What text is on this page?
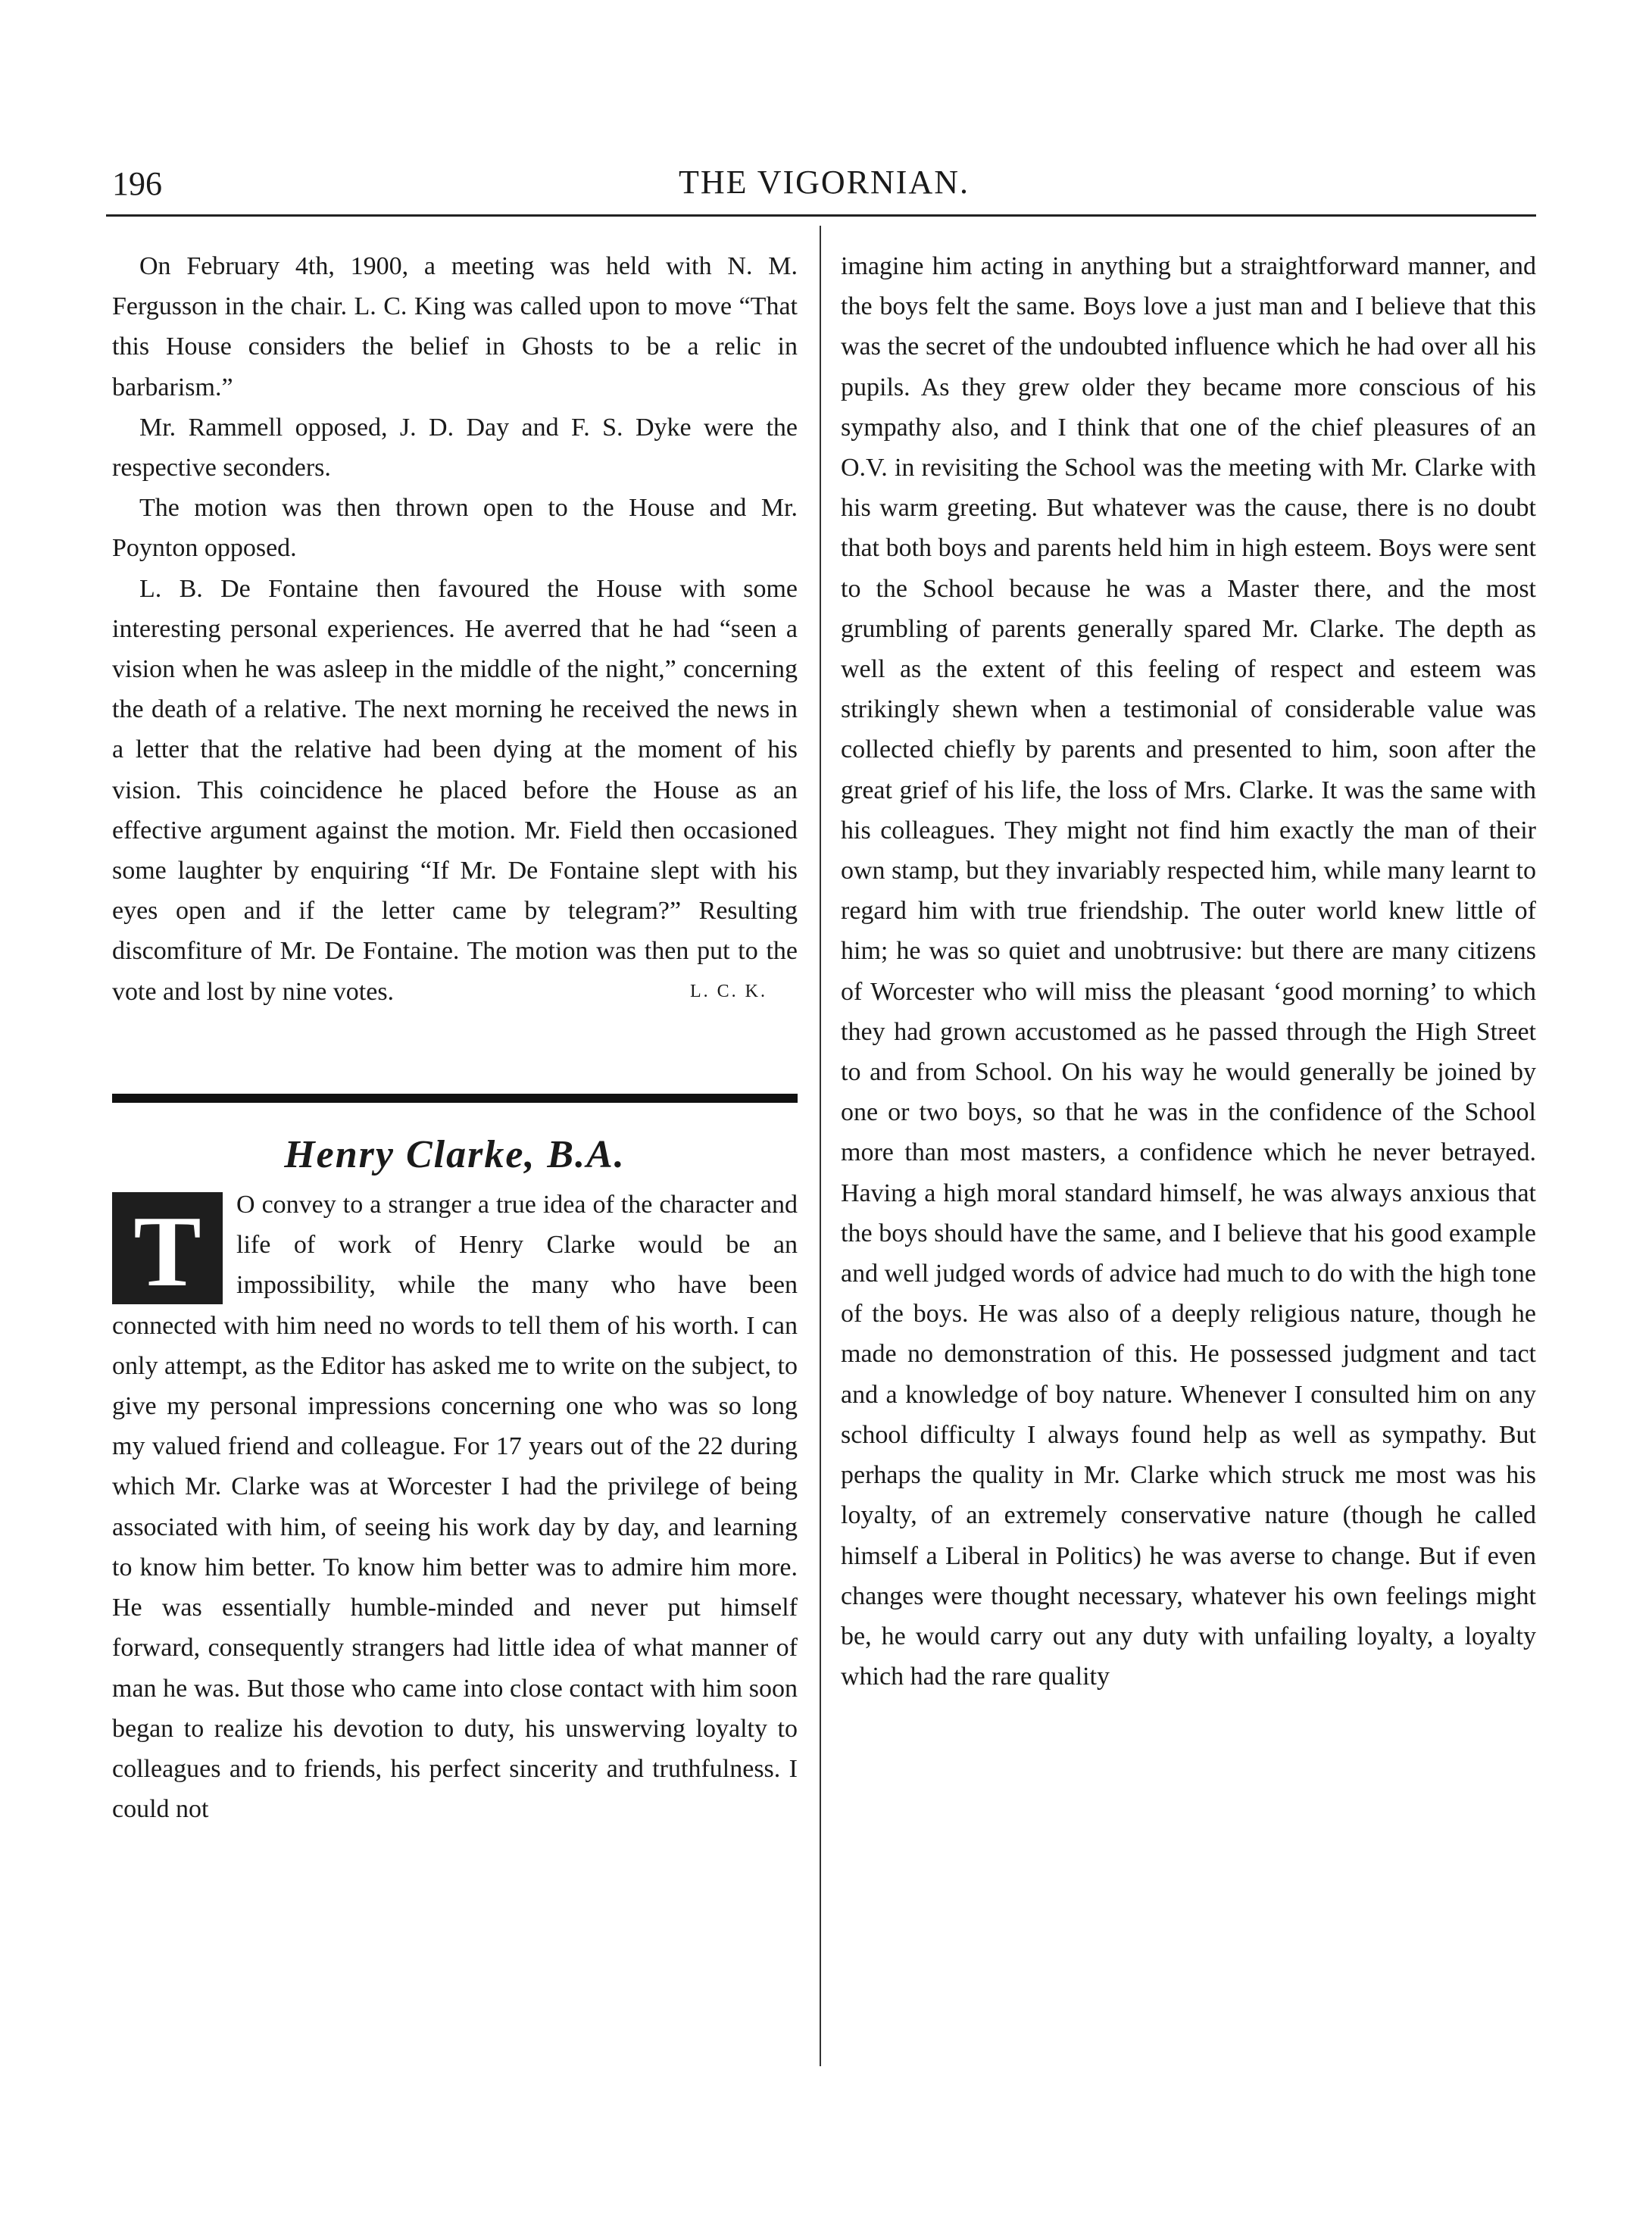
196	THE VIGORNIAN.

On February 4th, 1900, a meeting was held with N. M. Fergusson in the chair. L. C. King was called upon to move “That this House considers the belief in Ghosts to be a relic in barbarism.”

Mr. Rammell opposed, J. D. Day and F. S. Dyke were the respective seconders.

The motion was then thrown open to the House and Mr. Poynton opposed.

L. B. De Fontaine then favoured the House with some interesting personal experiences. He averred that he had “seen a vision when he was asleep in the middle of the night,” concerning the death of a relative. The next morning he received the news in a letter that the relative had been dying at the moment of his vision. This coincidence he placed before the House as an effective argument against the motion. Mr. Field then occasioned some laughter by enquiring “If Mr. De Fontaine slept with his eyes open and if the letter came by telegram?” Resulting discomfiture of Mr. De Fontaine. The motion was then put to the vote and lost by nine votes.	L. C. K.

Henry Clarke, B.A.

T	O convey to a stranger a true idea of the character and life of work of Henry Clarke would be an impossibility, while the many who have been connected with him need no words to tell them of his worth. I can only attempt, as the Editor has asked me to write on the subject, to give my personal impressions concerning one who was so long my valued friend and colleague. For 17 years out of the 22 during which Mr. Clarke was at Worcester I had the privilege of being associated with him, of seeing his work day by day, and learning to know him better. To know him better was to admire him more. He was essentially humble-minded and never put himself forward, consequently strangers had little idea of what manner of man he was. But those who came into close contact with him soon began to realize his devotion to duty, his unswerving loyalty to colleagues and to friends, his perfect sincerity and truthfulness. I could not

imagine him acting in anything but a straightforward manner, and the boys felt the same. Boys love a just man and I believe that this was the secret of the undoubted influence which he had over all his pupils. As they grew older they became more conscious of his sympathy also, and I think that one of the chief pleasures of an O.V. in revisiting the School was the meeting with Mr. Clarke with his warm greeting. But whatever was the cause, there is no doubt that both boys and parents held him in high esteem. Boys were sent to the School because he was a Master there, and the most grumbling of parents generally spared Mr. Clarke. The depth as well as the extent of this feeling of respect and esteem was strikingly shewn when a testimonial of considerable value was collected chiefly by parents and presented to him, soon after the great grief of his life, the loss of Mrs. Clarke. It was the same with his colleagues. They might not find him exactly the man of their own stamp, but they invariably respected him, while many learnt to regard him with true friendship. The outer world knew little of him; he was so quiet and unobtrusive: but there are many citizens of Worcester who will miss the pleasant ‘good morning’ to which they had grown accustomed as he passed through the High Street to and from School. On his way he would generally be joined by one or two boys, so that he was in the confidence of the School more than most masters, a confidence which he never betrayed. Having a high moral standard himself, he was always anxious that the boys should have the same, and I believe that his good example and well judged words of advice had much to do with the high tone of the boys. He was also of a deeply religious nature, though he made no demonstration of this. He possessed judgment and tact and a knowledge of boy nature. Whenever I consulted him on any school difficulty I always found help as well as sympathy. But perhaps the quality in Mr. Clarke which struck me most was his loyalty, of an extremely conservative nature (though he called himself a Liberal in Politics) he was averse to change. But if even changes were thought necessary, whatever his own feelings might be, he would carry out any duty with unfailing loyalty, a loyalty which had the rare quality
